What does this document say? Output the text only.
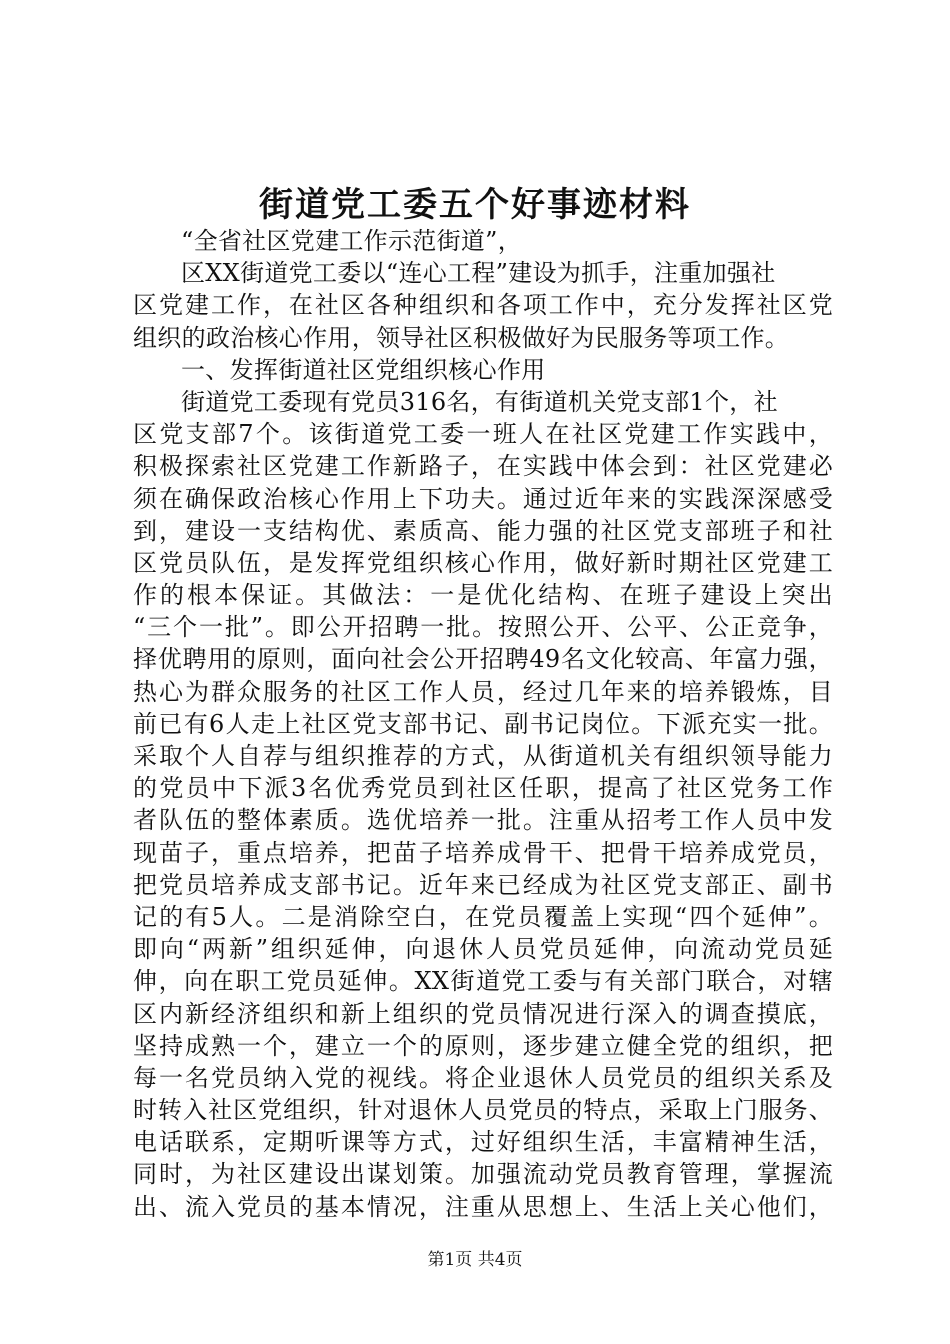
街道党工委五个好事迹材料
“全省社区党建工作示范街道”，
区XX街道党工委以“连心工程”建设为抓手，注重加强社
区党建工作，在社区各种组织和各项工作中，充分发挥社区党
组织的政治核心作用，领导社区积极做好为民服务等项工作。
一、发挥街道社区党组织核心作用
街道党工委现有党员316名，有街道机关党支部1个，社
区党支部7个。该街道党工委一班人在社区党建工作实践中，
积极探索社区党建工作新路子，在实践中体会到：社区党建必
须在确保政治核心作用上下功夫。通过近年来的实践深深感受
到，建设一支结构优、素质高、能力强的社区党支部班子和社
区党员队伍，是发挥党组织核心作用，做好新时期社区党建工
作的根本保证。其做法：一是优化结构、在班子建设上突出
“三个一批”。即公开招聘一批。按照公开、公平、公正竞争，
择优聘用的原则，面向社会公开招聘49名文化较高、年富力强，
热心为群众服务的社区工作人员，经过几年来的培养锻炼，目
前已有6人走上社区党支部书记、副书记岗位。下派充实一批。
采取个人自荐与组织推荐的方式，从街道机关有组织领导能力
的党员中下派3名优秀党员到社区任职，提高了社区党务工作
者队伍的整体素质。选优培养一批。注重从招考工作人员中发
现苗子，重点培养，把苗子培养成骨干、把骨干培养成党员，
把党员培养成支部书记。近年来已经成为社区党支部正、副书
记的有5人。二是消除空白，在党员覆盖上实现“四个延伸”。
即向“两新”组织延伸，向退休人员党员延伸，向流动党员延
伸，向在职工党员延伸。XX街道党工委与有关部门联合，对辖
区内新经济组织和新上组织的党员情况进行深入的调查摸底，
坚持成熟一个，建立一个的原则，逐步建立健全党的组织，把
每一名党员纳入党的视线。将企业退休人员党员的组织关系及
时转入社区党组织，针对退休人员党员的特点，采取上门服务、
电话联系，定期听课等方式，过好组织生活，丰富精神生活，
同时，为社区建设出谋划策。加强流动党员教育管理，掌握流
出、流入党员的基本情况，注重从思想上、生活上关心他们，
第1页 共4页
